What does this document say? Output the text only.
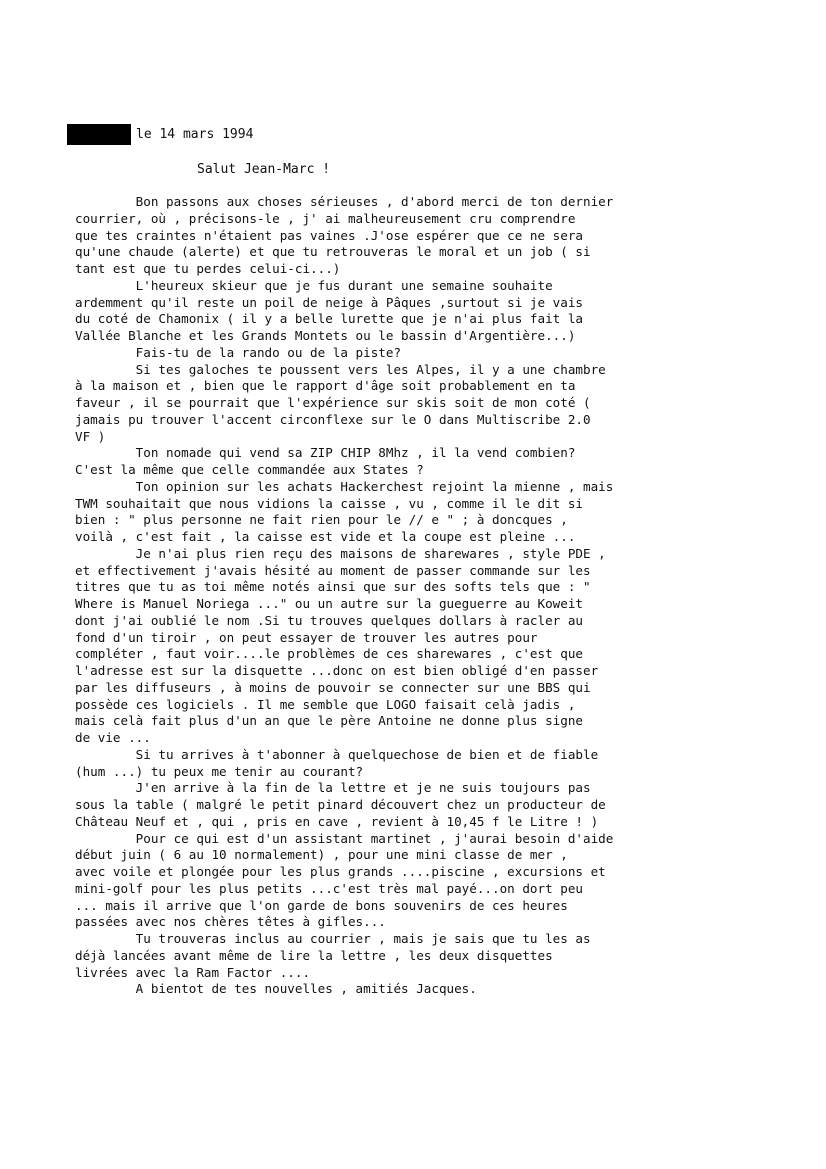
le 14 mars 1994
Salut Jean-Marc !
Bon passons aux choses sérieuses , d'abord merci de ton dernier
courrier, où , précisons-le , j' ai malheureusement cru comprendre
que tes craintes n'étaient pas vaines .J'ose espérer que ce ne sera
qu'une chaude (alerte) et que tu retrouveras le moral et un job ( si
tant est que tu perdes celui-ci...)
L'heureux skieur que je fus durant une semaine souhaite
ardemment qu'il reste un poil de neige à Pâques ,surtout si je vais
du coté de Chamonix ( il y a belle lurette que je n'ai plus fait la
Vallée Blanche et les Grands Montets ou le bassin d'Argentière...)
Fais-tu de la rando ou de la piste?
Si tes galoches te poussent vers les Alpes, il y a une chambre
à la maison et , bien que le rapport d'âge soit probablement en ta
faveur , il se pourrait que l'expérience sur skis soit de mon coté (
jamais pu trouver l'accent circonflexe sur le O dans Multiscribe 2.0
VF )
Ton nomade qui vend sa ZIP CHIP 8Mhz , il la vend combien?
C'est la même que celle commandée aux States ?
Ton opinion sur les achats Hackerchest rejoint la mienne , mais
TWM souhaitait que nous vidions la caisse , vu , comme il le dit si
bien : " plus personne ne fait rien pour le // e " ; à doncques ,
voilà , c'est fait , la caisse est vide et la coupe est pleine ...
Je n'ai plus rien reçu des maisons de sharewares , style PDE ,
et effectivement j'avais hésité au moment de passer commande sur les
titres que tu as toi même notés ainsi que sur des softs tels que : "
Where is Manuel Noriega ..." ou un autre sur la gueguerre au Koweit
dont j'ai oublié le nom .Si tu trouves quelques dollars à racler au
fond d'un tiroir , on peut essayer de trouver les autres pour
compléter , faut voir....le problèmes de ces sharewares , c'est que
l'adresse est sur la disquette ...donc on est bien obligé d'en passer
par les diffuseurs , à moins de pouvoir se connecter sur une BBS qui
possède ces logiciels . Il me semble que LOGO faisait celà jadis ,
mais celà fait plus d'un an que le père Antoine ne donne plus signe
de vie ...
Si tu arrives à t'abonner à quelquechose de bien et de fiable
(hum ...) tu peux me tenir au courant?
J'en arrive à la fin de la lettre et je ne suis toujours pas
sous la table ( malgré le petit pinard découvert chez un producteur de
Château Neuf et , qui , pris en cave , revient à 10,45 f le Litre ! )
Pour ce qui est d'un assistant martinet , j'aurai besoin d'aide
début juin ( 6 au 10 normalement) , pour une mini classe de mer ,
avec voile et plongée pour les plus grands ....piscine , excursions et
mini-golf pour les plus petits ...c'est très mal payé...on dort peu
... mais il arrive que l'on garde de bons souvenirs de ces heures
passées avec nos chères têtes à gifles...
Tu trouveras inclus au courrier , mais je sais que tu les as
déjà lancées avant même de lire la lettre , les deux disquettes
livrées avec la Ram Factor ....
A bientot de tes nouvelles , amitiés Jacques.
